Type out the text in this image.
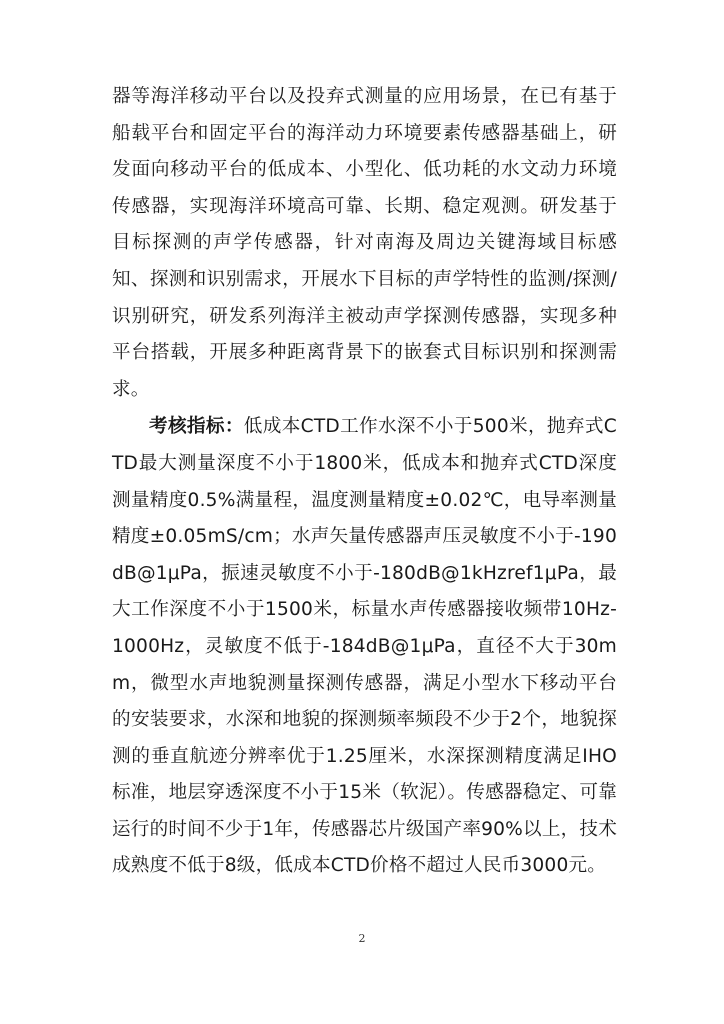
器等海洋移动平台以及投弃式测量的应用场景，在已有基于船载平台和固定平台的海洋动力环境要素传感器基础上，研发面向移动平台的低成本、小型化、低功耗的水文动力环境传感器，实现海洋环境高可靠、长期、稳定观测。研发基于目标探测的声学传感器，针对南海及周边关键海域目标感知、探测和识别需求，开展水下目标的声学特性的监测/探测/识别研究，研发系列海洋主被动声学探测传感器，实现多种平台搭载，开展多种距离背景下的嵌套式目标识别和探测需求。

考核指标：低成本CTD工作水深不小于500米，抛弃式CTD最大测量深度不小于1800米，低成本和抛弃式CTD深度测量精度0.5%满量程，温度测量精度±0.02℃，电导率测量精度±0.05mS/cm；水声矢量传感器声压灵敏度不小于-190dB@1μPa，振速灵敏度不小于-180dB@1kHzref1μPa，最大工作深度不小于1500米，标量水声传感器接收频带10Hz-1000Hz，灵敏度不低于-184dB@1μPa，直径不大于30mm，微型水声地貌测量探测传感器，满足小型水下移动平台的安装要求，水深和地貌的探测频率频段不少于2个，地貌探测的垂直航迹分辨率优于1.25厘米，水深探测精度满足IHO标准，地层穿透深度不小于15米（软泥）。传感器稳定、可靠运行的时间不少于1年，传感器芯片级国产率90%以上，技术成熟度不低于8级，低成本CTD价格不超过人民币3000元。

2
